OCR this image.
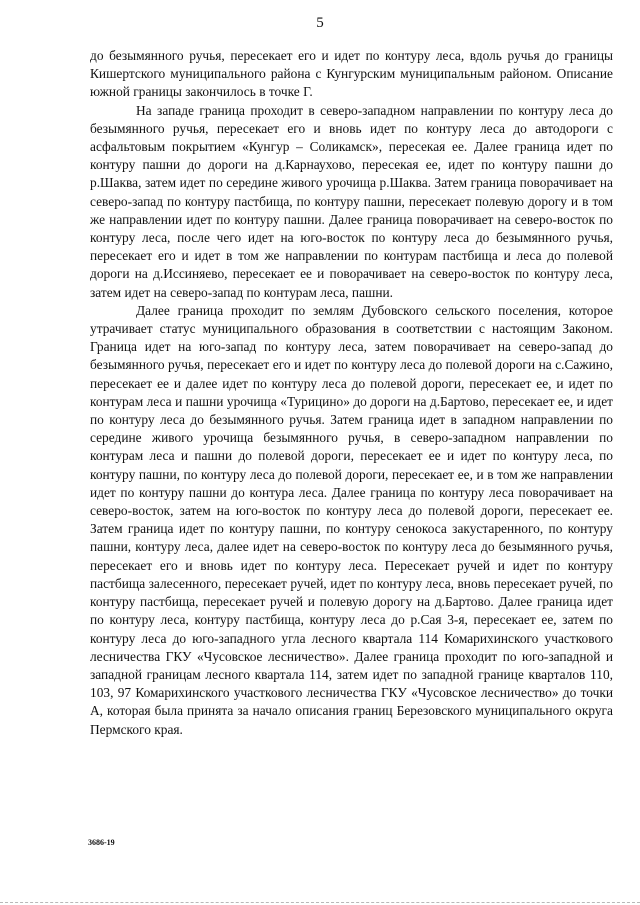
5

до безымянного ручья, пересекает его и идет по контуру леса, вдоль ручья до границы Кишертского муниципального района с Кунгурским муниципальным районом. Описание южной границы закончилось в точке Г.

На западе граница проходит в северо-западном направлении по контуру леса до безымянного ручья, пересекает его и вновь идет по контуру леса до автодороги с асфальтовым покрытием «Кунгур – Соликамск», пересекая ее. Далее граница идет по контуру пашни до дороги на д.Карнаухово, пересекая ее, идет по контуру пашни до р.Шаква, затем идет по середине живого урочища р.Шаква. Затем граница поворачивает на северо-запад по контуру пастбища, по контуру пашни, пересекает полевую дорогу и в том же направлении идет по контуру пашни. Далее граница поворачивает на северо-восток по контуру леса, после чего идет на юго-восток по контуру леса до безымянного ручья, пересекает его и идет в том же направлении по контурам пастбища и леса до полевой дороги на д.Иссиняево, пересекает ее и поворачивает на северо-восток по контуру леса, затем идет на северо-запад по контурам леса, пашни.

Далее граница проходит по землям Дубовского сельского поселения, которое утрачивает статус муниципального образования в соответствии с настоящим Законом. Граница идет на юго-запад по контуру леса, затем поворачивает на северо-запад до безымянного ручья, пересекает его и идет по контуру леса до полевой дороги на с.Сажино, пересекает ее и далее идет по контуру леса до полевой дороги, пересекает ее, и идет по контурам леса и пашни урочища «Турицино» до дороги на д.Бартово, пересекает ее, и идет по контуру леса до безымянного ручья. Затем граница идет в западном направлении по середине живого урочища безымянного ручья, в северо-западном направлении по контурам леса и пашни до полевой дороги, пересекает ее и идет по контуру леса, по контуру пашни, по контуру леса до полевой дороги, пересекает ее, и в том же направлении идет по контуру пашни до контура леса. Далее граница по контуру леса поворачивает на северо-восток, затем на юго-восток по контуру леса до полевой дороги, пересекает ее. Затем граница идет по контуру пашни, по контуру сенокоса закустаренного, по контуру пашни, контуру леса, далее идет на северо-восток по контуру леса до безымянного ручья, пересекает его и вновь идет по контуру леса. Пересекает ручей и идет по контуру пастбища залесенного, пересекает ручей, идет по контуру леса, вновь пересекает ручей, по контуру пастбища, пересекает ручей и полевую дорогу на д.Бартово. Далее граница идет по контуру леса, контуру пастбища, контуру леса до р.Сая 3-я, пересекает ее, затем по контуру леса до юго-западного угла лесного квартала 114 Комарихинского участкового лесничества ГКУ «Чусовское лесничество». Далее граница проходит по юго-западной и западной границам лесного квартала 114, затем идет по западной границе кварталов 110, 103, 97 Комарихинского участкового лесничества ГКУ «Чусовское лесничество» до точки А, которая была принята за начало описания границ Березовского муниципального округа Пермского края.

3686-19
